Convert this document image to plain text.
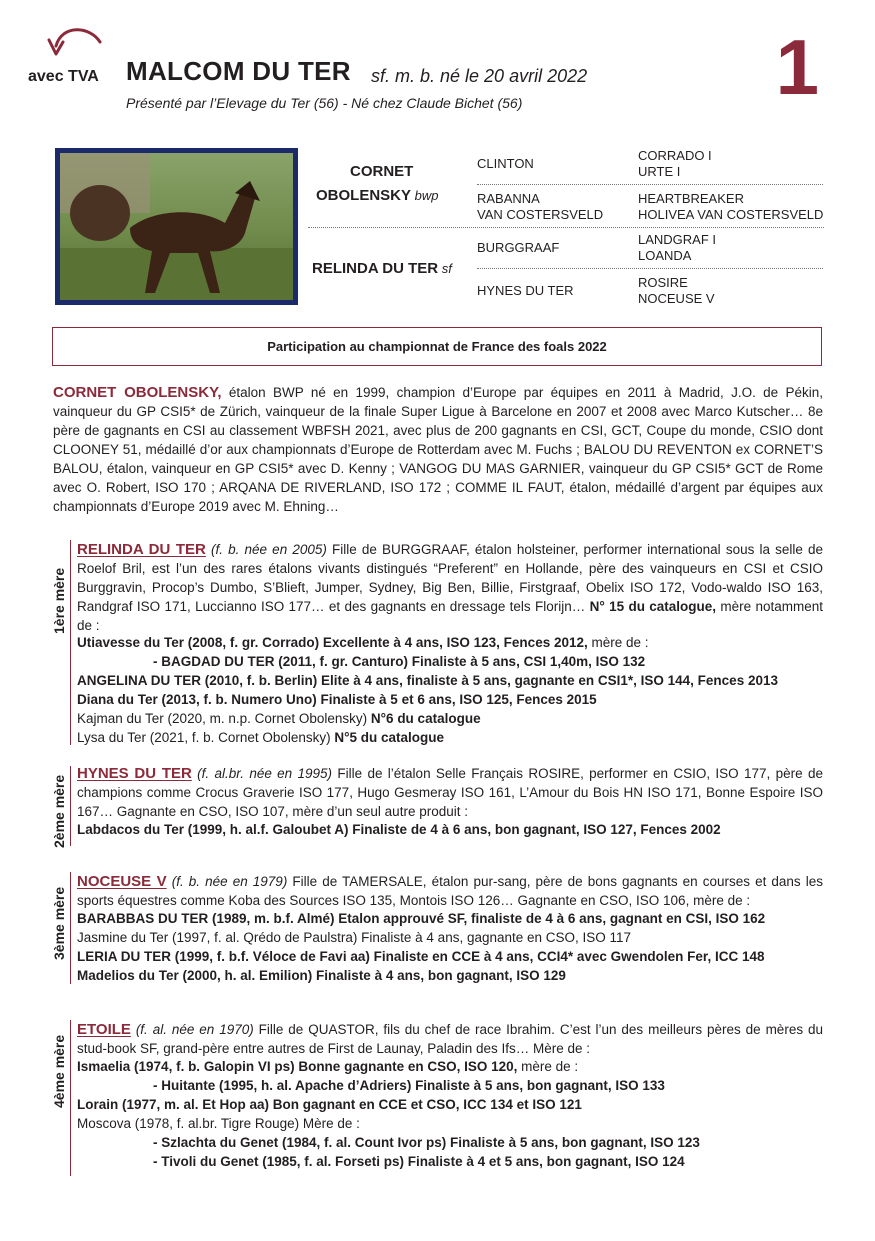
avec TVA MALCOM DU TER sf. m. b. né le 20 avril 2022
Présenté par l’Elevage du Ter (56) - Né chez Claude Bichet (56)	1
CORNET
OBOLENSKY bwp
RELINDA DU TER sf
CLINTON
CORRADO I
URTE I
RABANNA
VAN COSTERSVELD
HEARTBREAKER
HOLIVEA VAN COSTERSVELD
BURGGRAAF
LANDGRAF I
LOANDA
HYNES DU TER
ROSIRE
NOCEUSE V
Participation au championnat de France des foals 2022
CORNET OBOLENSKY, étalon BWP né en 1999, champion d’Europe par équipes en 2011 à Madrid, J.O. de Pékin, vainqueur du GP CSI5* de Zürich, vainqueur de la finale Super Ligue à Barcelone en 2007 et 2008 avec Marco Kutscher… 8e père de gagnants en CSI au classement WBFSH 2021, avec plus de 200 gagnants en CSI, GCT, Coupe du monde, CSIO dont CLOONEY 51, médaillé d’or aux championnats d’Europe de Rotterdam avec M. Fuchs ; BALOU DU REVENTON ex CORNET’S BALOU, étalon, vainqueur en GP CSI5* avec D. Kenny ; VANGOG DU MAS GARNIER, vainqueur du GP CSI5* GCT de Rome avec O. Robert, ISO 170 ; ARQANA DE RIVERLAND, ISO 172 ; COMME IL FAUT, étalon, médaillé d’argent par équipes aux championnats d’Europe 2019 avec M. Ehning…
1ère mère
RELINDA DU TER (f. b. née en 2005) Fille de BURGGRAAF, étalon holsteiner, performer international sous la selle de Roelof Bril, est l’un des rares étalons vivants distingués “Preferent” en Hollande, père des vainqueurs en CSI et CSIO Burggravin, Procop’s Dumbo, S’Blieft, Jumper, Sydney, Big Ben, Billie, Firstgraaf, Obelix ISO 172, Vodo-waldo ISO 163, Randgraf ISO 171, Luccianno ISO 177… et des gagnants en dressage tels Florijn… N° 15 du catalogue, mère notamment de :
Utiavesse du Ter (2008, f. gr. Corrado) Excellente à 4 ans, ISO 123, Fences 2012, mère de :
- BAGDAD DU TER (2011, f. gr. Canturo) Finaliste à 5 ans, CSI 1,40m, ISO 132
ANGELINA DU TER (2010, f. b. Berlin) Elite à 4 ans, finaliste à 5 ans, gagnante en CSI1*, ISO 144, Fences 2013
Diana du Ter (2013, f. b. Numero Uno) Finaliste à 5 et 6 ans, ISO 125, Fences 2015
Kajman du Ter (2020, m. n.p. Cornet Obolensky) N°6 du catalogue
Lysa du Ter (2021, f. b. Cornet Obolensky) N°5 du catalogue
2ème mère
HYNES DU TER (f. al.br. née en 1995) Fille de l’étalon Selle Français ROSIRE, performer en CSIO, ISO 177, père de champions comme Crocus Graverie ISO 177, Hugo Gesmeray ISO 161, L’Amour du Bois HN ISO 171, Bonne Espoire ISO 167… Gagnante en CSO, ISO 107, mère d’un seul autre produit :
Labdacos du Ter (1999, h. al.f. Galoubet A) Finaliste de 4 à 6 ans, bon gagnant, ISO 127, Fences 2002
3ème mère
NOCEUSE V (f. b. née en 1979) Fille de TAMERSALE, étalon pur-sang, père de bons gagnants en courses et dans les sports équestres comme Koba des Sources ISO 135, Montois ISO 126… Gagnante en CSO, ISO 106, mère de :
BARABBAS DU TER (1989, m. b.f. Almé) Etalon approuvé SF, finaliste de 4 à 6 ans, gagnant en CSI, ISO 162
Jasmine du Ter (1997, f. al. Qrédo de Paulstra) Finaliste à 4 ans, gagnante en CSO, ISO 117
LERIA DU TER (1999, f. b.f. Véloce de Favi aa) Finaliste en CCE à 4 ans, CCI4* avec Gwendolen Fer, ICC 148
Madelios du Ter (2000, h. al. Emilion) Finaliste à 4 ans, bon gagnant, ISO 129
4ème mère
ETOILE (f. al. née en 1970) Fille de QUASTOR, fils du chef de race Ibrahim. C’est l’un des meilleurs pères de mères du stud-book SF, grand-père entre autres de First de Launay, Paladin des Ifs… Mère de :
Ismaelia (1974, f. b. Galopin VI ps) Bonne gagnante en CSO, ISO 120, mère de :
- Huitante (1995, h. al. Apache d’Adriers) Finaliste à 5 ans, bon gagnant, ISO 133
Lorain (1977, m. al. Et Hop aa) Bon gagnant en CCE et CSO, ICC 134 et ISO 121
Moscova (1978, f. al.br. Tigre Rouge) Mère de :
- Szlachta du Genet (1984, f. al. Count Ivor ps) Finaliste à 5 ans, bon gagnant, ISO 123
- Tivoli du Genet (1985, f. al. Forseti ps) Finaliste à 4 et 5 ans, bon gagnant, ISO 124
